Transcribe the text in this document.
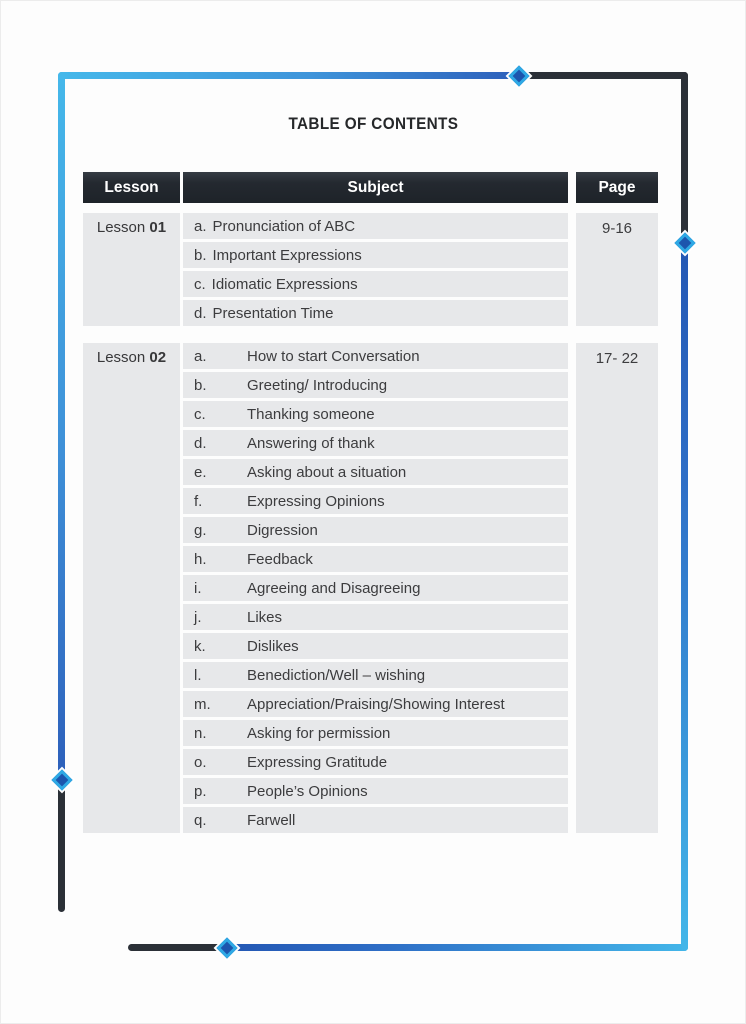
TABLE OF CONTENTS
Lesson	Subject	Page
Lesson 01	a. Pronunciation of ABC
b. Important Expressions
c. Idiomatic Expressions
d. Presentation Time
9-16
Lesson 02	a.	How to start Conversation
b.	Greeting/ Introducing
c.	Thanking someone
d.	Answering of thank
e.	Asking about a situation
f.	Expressing Opinions
g.	Digression
h.	Feedback
i.	Agreeing and Disagreeing
j.	Likes
k.	Dislikes
l.	Benediction/Well – wishing
m.	Appreciation/Praising/Showing Interest
n.	Asking for permission
o.	Expressing Gratitude
p.	People’s Opinions
q.	Farwell
17- 22
